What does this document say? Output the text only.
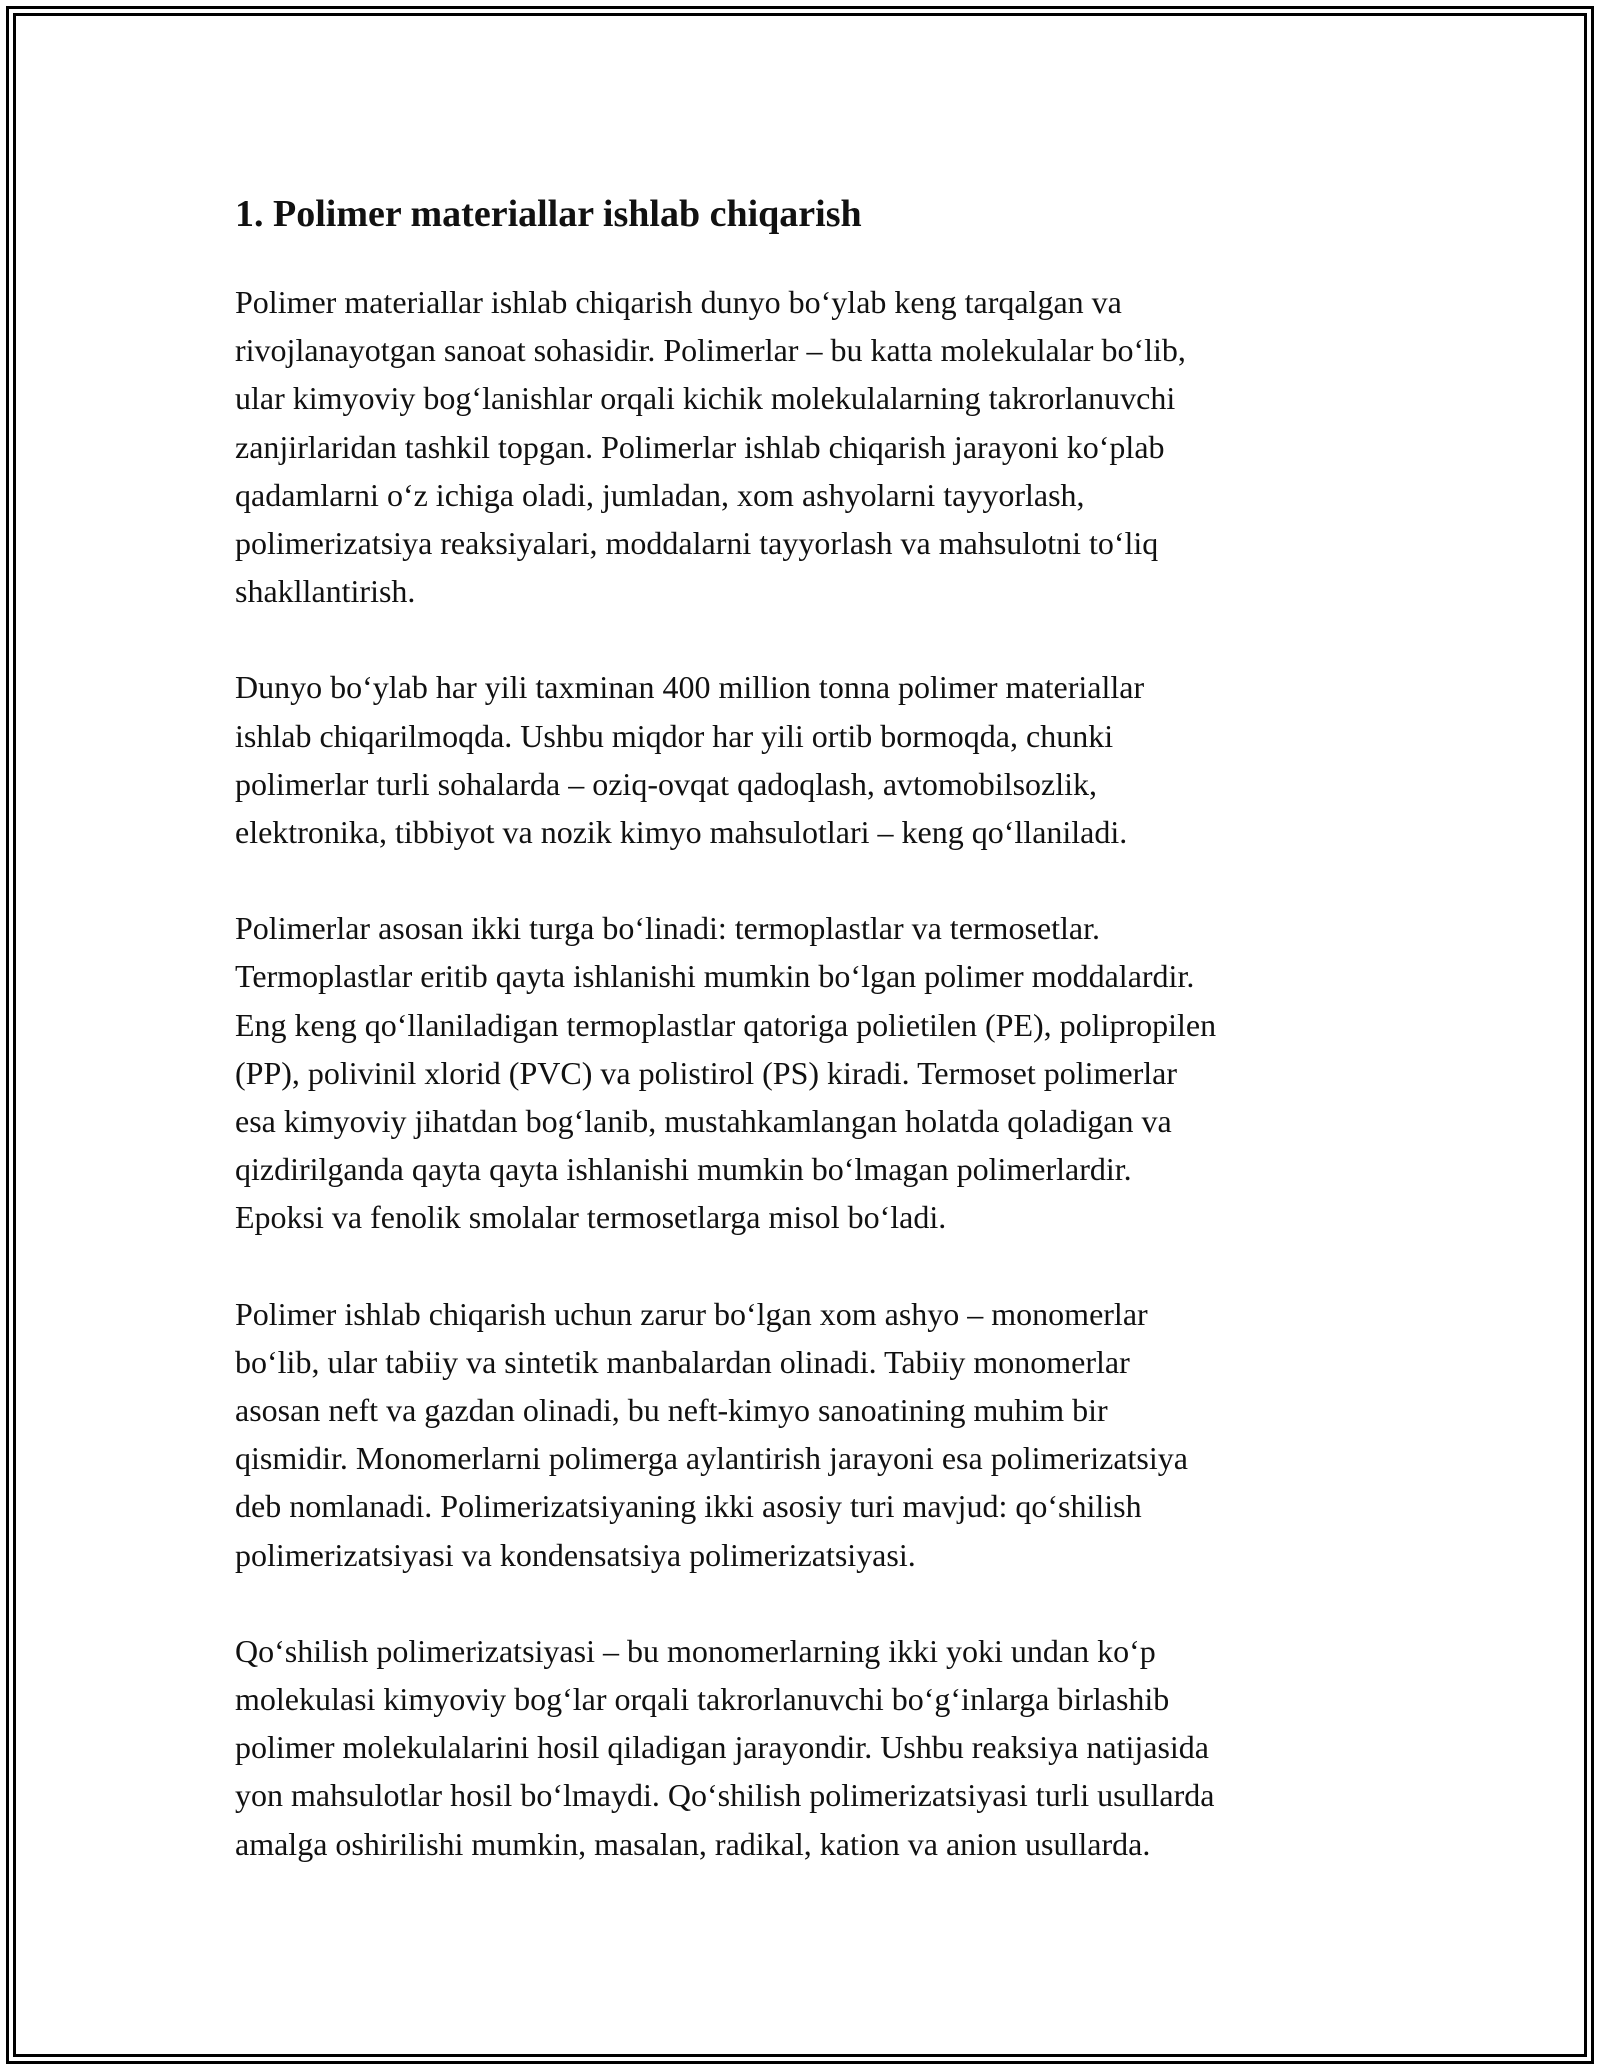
1. Polimer materiallar ishlab chiqarish

Polimer materiallar ishlab chiqarish dunyo bo‘ylab keng tarqalgan va
rivojlanayotgan sanoat sohasidir. Polimerlar – bu katta molekulalar bo‘lib,
ular kimyoviy bog‘lanishlar orqali kichik molekulalarning takrorlanuvchi
zanjirlaridan tashkil topgan. Polimerlar ishlab chiqarish jarayoni ko‘plab
qadamlarni o‘z ichiga oladi, jumladan, xom ashyolarni tayyorlash,
polimerizatsiya reaksiyalari, moddalarni tayyorlash va mahsulotni to‘liq
shakllantirish.

Dunyo bo‘ylab har yili taxminan 400 million tonna polimer materiallar
ishlab chiqarilmoqda. Ushbu miqdor har yili ortib bormoqda, chunki
polimerlar turli sohalarda – oziq-ovqat qadoqlash, avtomobilsozlik,
elektronika, tibbiyot va nozik kimyo mahsulotlari – keng qo‘llaniladi.

Polimerlar asosan ikki turga bo‘linadi: termoplastlar va termosetlar.
Termoplastlar eritib qayta ishlanishi mumkin bo‘lgan polimer moddalardir.
Eng keng qo‘llaniladigan termoplastlar qatoriga polietilen (PE), polipropilen
(PP), polivinil xlorid (PVC) va polistirol (PS) kiradi. Termoset polimerlar
esa kimyoviy jihatdan bog‘lanib, mustahkamlangan holatda qoladigan va
qizdirilganda qayta qayta ishlanishi mumkin bo‘lmagan polimerlardir.
Epoksi va fenolik smolalar termosetlarga misol bo‘ladi.

Polimer ishlab chiqarish uchun zarur bo‘lgan xom ashyo – monomerlar
bo‘lib, ular tabiiy va sintetik manbalardan olinadi. Tabiiy monomerlar
asosan neft va gazdan olinadi, bu neft-kimyo sanoatining muhim bir
qismidir. Monomerlarni polimerga aylantirish jarayoni esa polimerizatsiya
deb nomlanadi. Polimerizatsiyaning ikki asosiy turi mavjud: qo‘shilish
polimerizatsiyasi va kondensatsiya polimerizatsiyasi.

Qo‘shilish polimerizatsiyasi – bu monomerlarning ikki yoki undan ko‘p
molekulasi kimyoviy bog‘lar orqali takrorlanuvchi bo‘g‘inlarga birlashib
polimer molekulalarini hosil qiladigan jarayondir. Ushbu reaksiya natijasida
yon mahsulotlar hosil bo‘lmaydi. Qo‘shilish polimerizatsiyasi turli usullarda
amalga oshirilishi mumkin, masalan, radikal, kation va anion usullarda.
